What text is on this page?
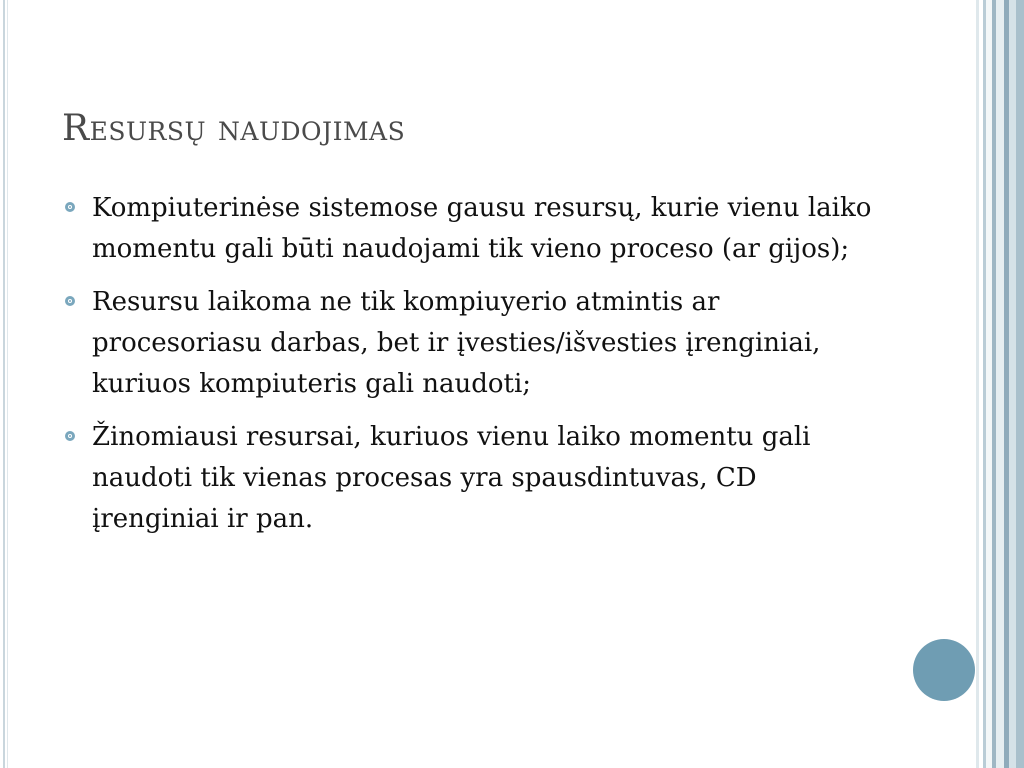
Resursų naudojimas
Kompiuterinėse sistemose gausu resursų, kurie vienu laiko momentu gali būti naudojami tik vieno proceso (ar gijos);
Resursu laikoma ne tik kompiuyerio atmintis ar procesoriasu darbas, bet ir įvesties/išvesties įrenginiai, kuriuos kompiuteris gali naudoti;
Žinomiausi resursai, kuriuos vienu laiko momentu gali naudoti tik vienas procesas yra spausdintuvas, CD įrenginiai ir pan.
